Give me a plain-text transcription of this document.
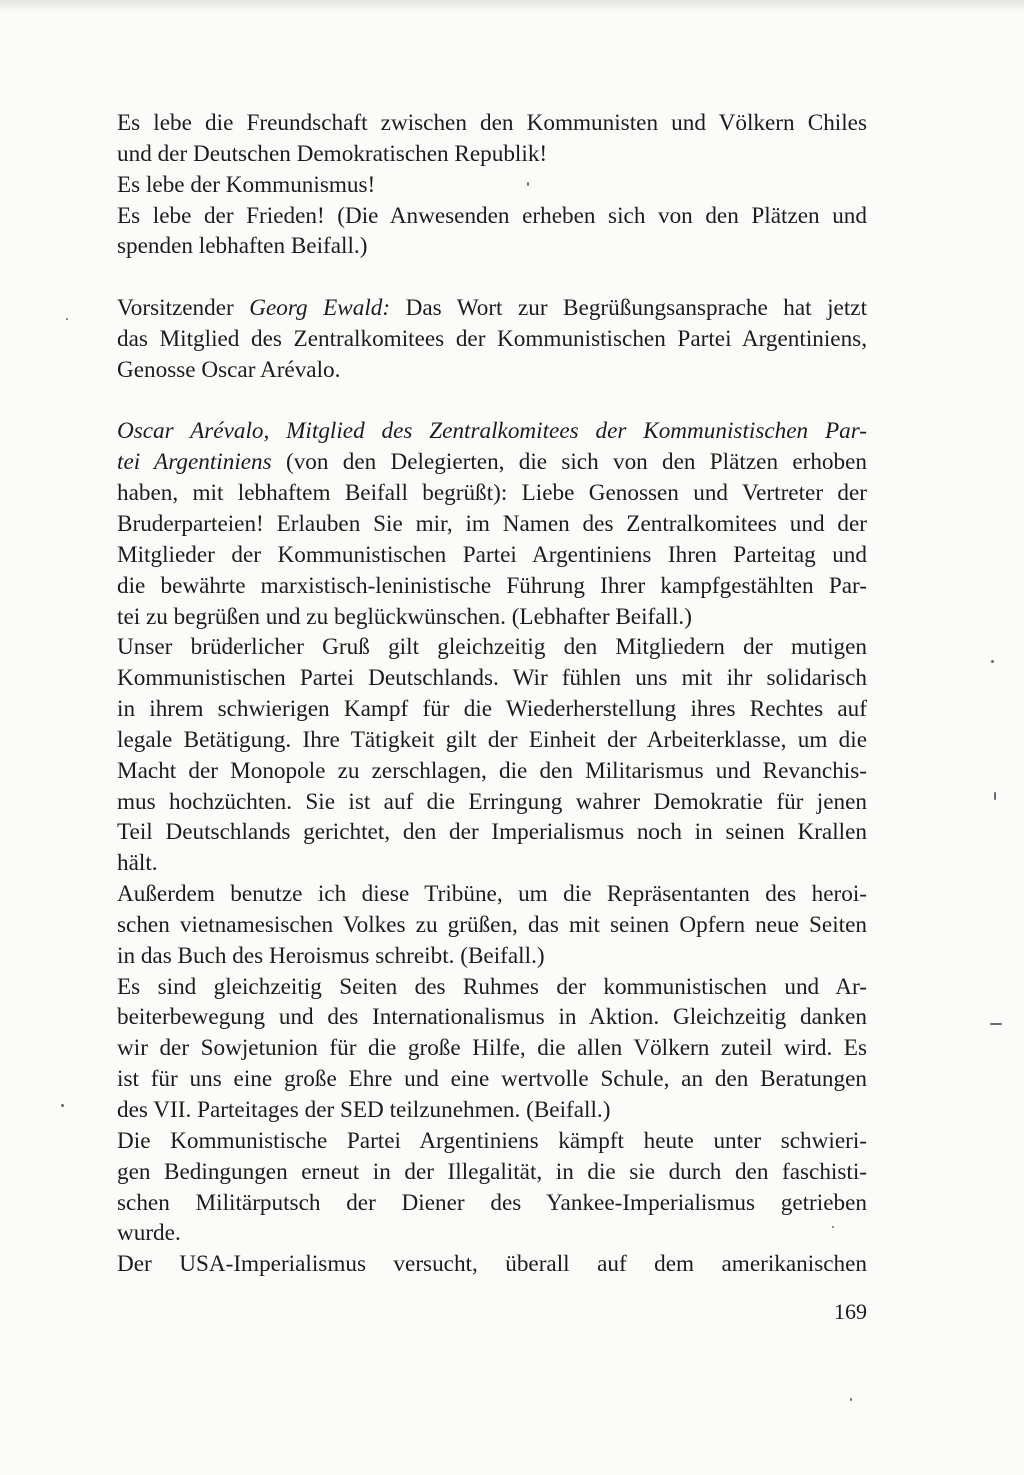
Es lebe die Freundschaft zwischen den Kommunisten und Völkern Chiles
und der Deutschen Demokratischen Republik!
Es lebe der Kommunismus!
Es lebe der Frieden! (Die Anwesenden erheben sich von den Plätzen und
spenden lebhaften Beifall.)
Vorsitzender Georg Ewald: Das Wort zur Begrüßungsansprache hat jetzt
das Mitglied des Zentralkomitees der Kommunistischen Partei Argentiniens,
Genosse Oscar Arévalo.
Oscar Arévalo, Mitglied des Zentralkomitees der Kommunistischen Par-
tei Argentiniens (von den Delegierten, die sich von den Plätzen erhoben
haben, mit lebhaftem Beifall begrüßt): Liebe Genossen und Vertreter der
Bruderparteien! Erlauben Sie mir, im Namen des Zentralkomitees und der
Mitglieder der Kommunistischen Partei Argentiniens Ihren Parteitag und
die bewährte marxistisch-leninistische Führung Ihrer kampfgestählten Par-
tei zu begrüßen und zu beglückwünschen. (Lebhafter Beifall.)
Unser brüderlicher Gruß gilt gleichzeitig den Mitgliedern der mutigen
Kommunistischen Partei Deutschlands. Wir fühlen uns mit ihr solidarisch
in ihrem schwierigen Kampf für die Wiederherstellung ihres Rechtes auf
legale Betätigung. Ihre Tätigkeit gilt der Einheit der Arbeiterklasse, um die
Macht der Monopole zu zerschlagen, die den Militarismus und Revanchis-
mus hochzüchten. Sie ist auf die Erringung wahrer Demokratie für jenen
Teil Deutschlands gerichtet, den der Imperialismus noch in seinen Krallen
hält.
Außerdem benutze ich diese Tribüne, um die Repräsentanten des heroi-
schen vietnamesischen Volkes zu grüßen, das mit seinen Opfern neue Seiten
in das Buch des Heroismus schreibt. (Beifall.)
Es sind gleichzeitig Seiten des Ruhmes der kommunistischen und Ar-
beiterbewegung und des Internationalismus in Aktion. Gleichzeitig danken
wir der Sowjetunion für die große Hilfe, die allen Völkern zuteil wird. Es
ist für uns eine große Ehre und eine wertvolle Schule, an den Beratungen
des VII. Parteitages der SED teilzunehmen. (Beifall.)
Die Kommunistische Partei Argentiniens kämpft heute unter schwieri-
gen Bedingungen erneut in der Illegalität, in die sie durch den faschisti-
schen Militärputsch der Diener des Yankee-Imperialismus getrieben
wurde.
Der USA-Imperialismus versucht, überall auf dem amerikanischen
169
